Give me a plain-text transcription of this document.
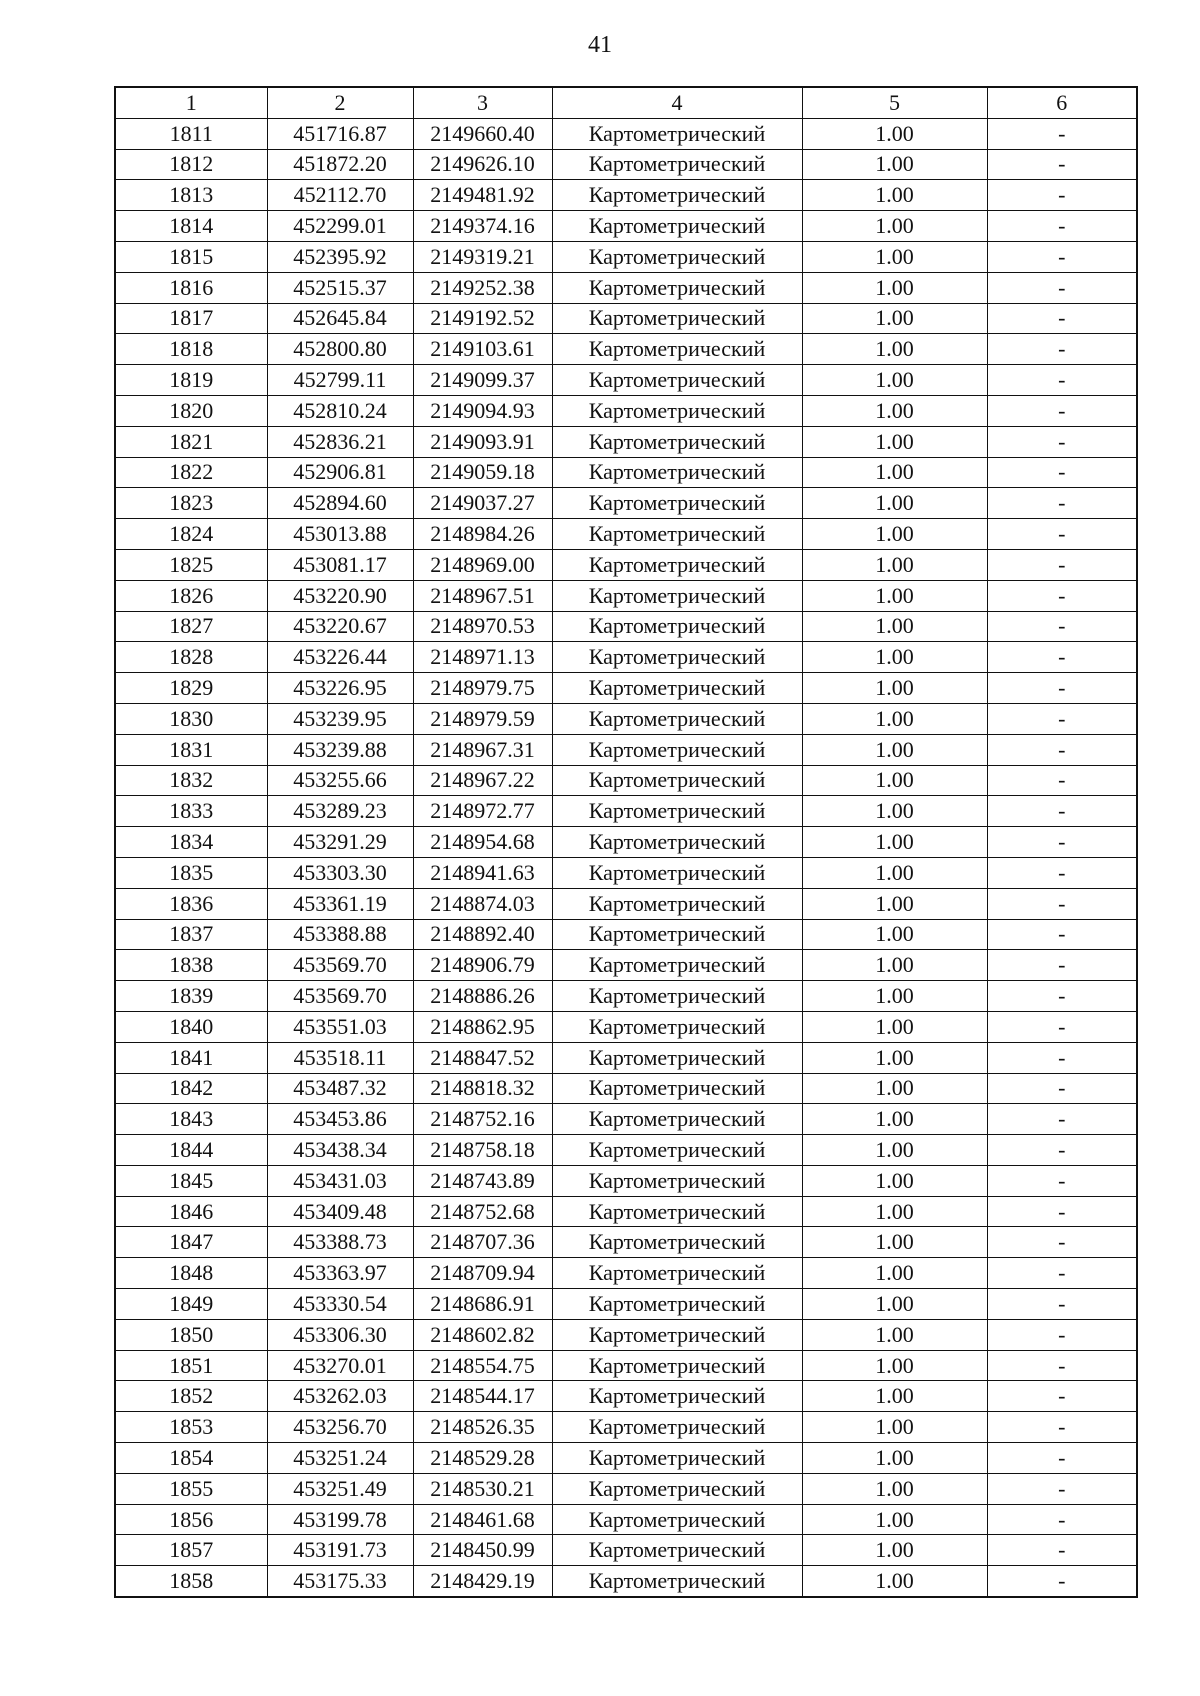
41
1	2	3	4	5	6
1811	451716.87	2149660.40	Картометрический	1.00	-
1812	451872.20	2149626.10	Картометрический	1.00	-
1813	452112.70	2149481.92	Картометрический	1.00	-
1814	452299.01	2149374.16	Картометрический	1.00	-
1815	452395.92	2149319.21	Картометрический	1.00	-
1816	452515.37	2149252.38	Картометрический	1.00	-
1817	452645.84	2149192.52	Картометрический	1.00	-
1818	452800.80	2149103.61	Картометрический	1.00	-
1819	452799.11	2149099.37	Картометрический	1.00	-
1820	452810.24	2149094.93	Картометрический	1.00	-
1821	452836.21	2149093.91	Картометрический	1.00	-
1822	452906.81	2149059.18	Картометрический	1.00	-
1823	452894.60	2149037.27	Картометрический	1.00	-
1824	453013.88	2148984.26	Картометрический	1.00	-
1825	453081.17	2148969.00	Картометрический	1.00	-
1826	453220.90	2148967.51	Картометрический	1.00	-
1827	453220.67	2148970.53	Картометрический	1.00	-
1828	453226.44	2148971.13	Картометрический	1.00	-
1829	453226.95	2148979.75	Картометрический	1.00	-
1830	453239.95	2148979.59	Картометрический	1.00	-
1831	453239.88	2148967.31	Картометрический	1.00	-
1832	453255.66	2148967.22	Картометрический	1.00	-
1833	453289.23	2148972.77	Картометрический	1.00	-
1834	453291.29	2148954.68	Картометрический	1.00	-
1835	453303.30	2148941.63	Картометрический	1.00	-
1836	453361.19	2148874.03	Картометрический	1.00	-
1837	453388.88	2148892.40	Картометрический	1.00	-
1838	453569.70	2148906.79	Картометрический	1.00	-
1839	453569.70	2148886.26	Картометрический	1.00	-
1840	453551.03	2148862.95	Картометрический	1.00	-
1841	453518.11	2148847.52	Картометрический	1.00	-
1842	453487.32	2148818.32	Картометрический	1.00	-
1843	453453.86	2148752.16	Картометрический	1.00	-
1844	453438.34	2148758.18	Картометрический	1.00	-
1845	453431.03	2148743.89	Картометрический	1.00	-
1846	453409.48	2148752.68	Картометрический	1.00	-
1847	453388.73	2148707.36	Картометрический	1.00	-
1848	453363.97	2148709.94	Картометрический	1.00	-
1849	453330.54	2148686.91	Картометрический	1.00	-
1850	453306.30	2148602.82	Картометрический	1.00	-
1851	453270.01	2148554.75	Картометрический	1.00	-
1852	453262.03	2148544.17	Картометрический	1.00	-
1853	453256.70	2148526.35	Картометрический	1.00	-
1854	453251.24	2148529.28	Картометрический	1.00	-
1855	453251.49	2148530.21	Картометрический	1.00	-
1856	453199.78	2148461.68	Картометрический	1.00	-
1857	453191.73	2148450.99	Картометрический	1.00	-
1858	453175.33	2148429.19	Картометрический	1.00	-
